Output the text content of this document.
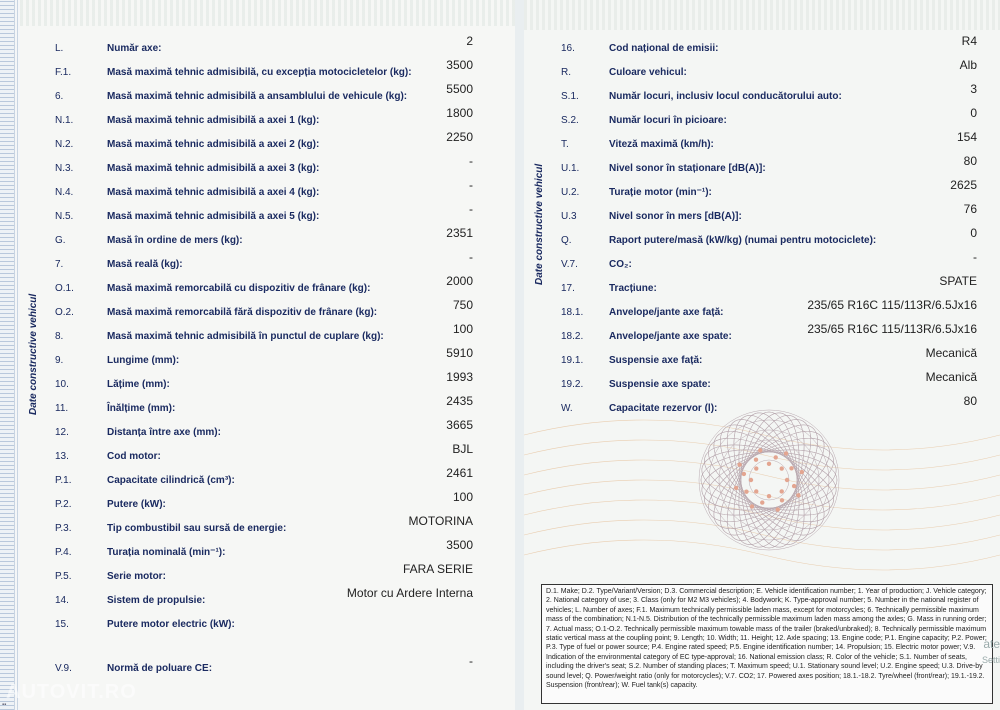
Date constructive vehicul
L.	Număr axe:
2
F.1.	Masă maximă tehnic admisibilă, cu excepția motocicletelor (kg):
3500
6.	Masă maximă tehnic admisibilă a ansamblului de vehicule (kg):
5500
N.1.	Masă maximă tehnic admisibilă a axei 1 (kg):
1800
N.2.	Masă maximă tehnic admisibilă a axei 2 (kg):
2250
N.3.	Masă maximă tehnic admisibilă a axei 3 (kg):
-
N.4.	Masă maximă tehnic admisibilă a axei 4 (kg):
-
N.5.	Masă maximă tehnic admisibilă a axei 5 (kg):
-
G.	Masă în ordine de mers (kg):
2351
7.	Masă reală (kg):
-
O.1.	Masă maximă remorcabilă cu dispozitiv de frânare (kg):
2000
O.2.	Masă maximă remorcabilă fără dispozitiv de frânare (kg):
750
8.	Masă maximă tehnic admisibilă în punctul de cuplare (kg):
100
9.	Lungime (mm):
5910
10.	Lățime (mm):
1993
11.	Înălțime (mm):
2435
12.	Distanța între axe (mm):
3665
13.	Cod motor:
BJL
P.1.	Capacitate cilindrică (cm³):
2461
P.2.	Putere (kW):
100
P.3.	Tip combustibil sau sursă de energie:
MOTORINA
P.4.	Turația nominală (min⁻¹):
3500
P.5.	Serie motor:
FARA SERIE
14.	Sistem de propulsie:
Motor cu Ardere Interna
15.	Putere motor electric (kW):
V.9.	Normă de poluare CE:
-
AUTOVIT.RO
▪▪
Date constructive vehicul
16.	Cod național de emisii:
R4
R.	Culoare vehicul:
Alb
S.1.	Număr locuri, inclusiv locul conducătorului auto:
3
S.2.	Număr locuri în picioare:
0
T.	Viteză maximă (km/h):
154
U.1.	Nivel sonor în staționare [dB(A)]:
80
U.2.	Turație motor (min⁻¹):
2625
U.3	Nivel sonor în mers [dB(A)]:
76
Q.	Raport putere/masă (kW/kg) (numai pentru motociclete):
0
V.7.	CO₂:
-
17.	Tracțiune:
SPATE
18.1.	Anvelope/jante axe față:
235/65 R16C 115/113R/6.5Jx16
18.2.	Anvelope/jante axe spate:
235/65 R16C 115/113R/6.5Jx16
19.1.	Suspensie axe față:
Mecanică
19.2.	Suspensie axe spate:
Mecanică
W.	Capacitate rezervor (l):
80
D.1. Make; D.2. Type/Variant/Version; D.3. Commercial description; E. Vehicle identification number; 1. Year of production; J. Vehicle category; 2. National category of use; 3. Class (only for M2 M3 vehicles); 4. Bodywork; K. Type-approval number; 5. Number in the national register of vehicles; L. Number of axes; F.1. Maximum technically permissible laden mass, except for motorcycles; 6. Technically permissible maximum mass of the combination; N.1-N.5. Distribution of the technically permissible maximum laden mass among the axles; G. Mass in running order; 7. Actual mass; O.1-O.2. Technically permissible maximum towable mass of the trailer (braked/unbraked); 8. Technically permissible maximum static vertical mass at the coupling point; 9. Length; 10. Width; 11. Height; 12. Axle spacing; 13. Engine code; P.1. Engine capacity; P.2. Power; P.3. Type of fuel or power source; P.4. Engine rated speed; P.5. Engine identification number; 14. Propulsion; 15. Electric motor power; V.9. Indication of the environmental category of EC type-approval; 16. National emission class; R. Color of the vehicle; S.1. Number of seats, including the driver's seat; S.2. Number of standing places; T. Maximum speed; U.1. Stationary sound level; U.2. Engine speed; U.3. Drive-by sound level; Q. Power/weight ratio (only for motorcycles); V.7. CO2; 17. Powered axes position; 18.1.-18.2. Tyre/wheel (front/rear); 19.1.-19.2. Suspension (front/rear); W. Fuel tank(s) capacity.
ate
Setti
